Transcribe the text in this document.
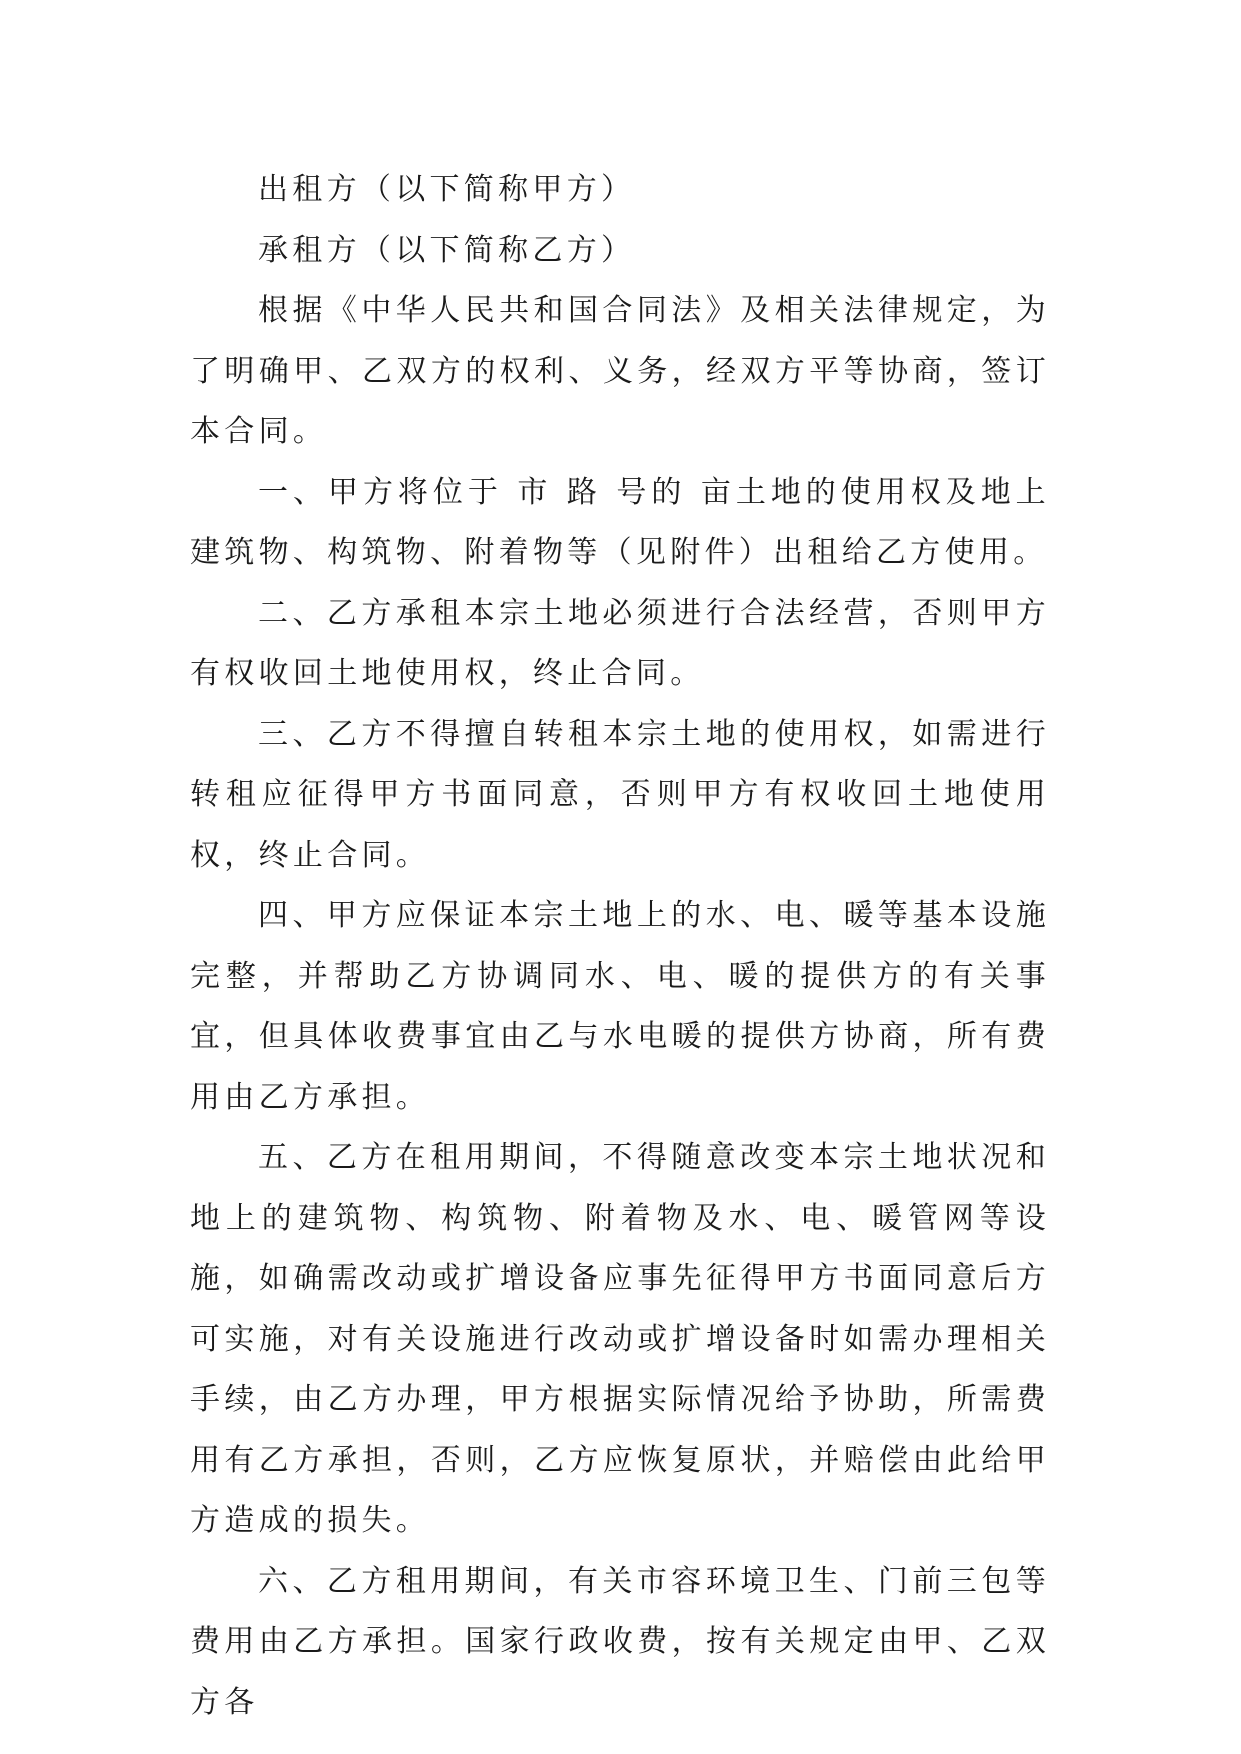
出租方（以下简称甲方）

承租方（以下简称乙方）

根据《中华人民共和国合同法》及相关法律规定，为了明确甲、乙双方的权利、义务，经双方平等协商，签订本合同。

一、甲方将位于 市 路 号的 亩土地的使用权及地上建筑物、构筑物、附着物等（见附件）出租给乙方使用。

二、乙方承租本宗土地必须进行合法经营，否则甲方有权收回土地使用权，终止合同。

三、乙方不得擅自转租本宗土地的使用权，如需进行转租应征得甲方书面同意，否则甲方有权收回土地使用权，终止合同。

四、甲方应保证本宗土地上的水、电、暖等基本设施完整，并帮助乙方协调同水、电、暖的提供方的有关事宜，但具体收费事宜由乙与水电暖的提供方协商，所有费用由乙方承担。

五、乙方在租用期间，不得随意改变本宗土地状况和地上的建筑物、构筑物、附着物及水、电、暖管网等设施，如确需改动或扩增设备应事先征得甲方书面同意后方可实施，对有关设施进行改动或扩增设备时如需办理相关手续，由乙方办理，甲方根据实际情况给予协助，所需费用有乙方承担，否则，乙方应恢复原状，并赔偿由此给甲方造成的损失。

六、乙方租用期间，有关市容环境卫生、门前三包等费用由乙方承担。国家行政收费，按有关规定由甲、乙双方各
